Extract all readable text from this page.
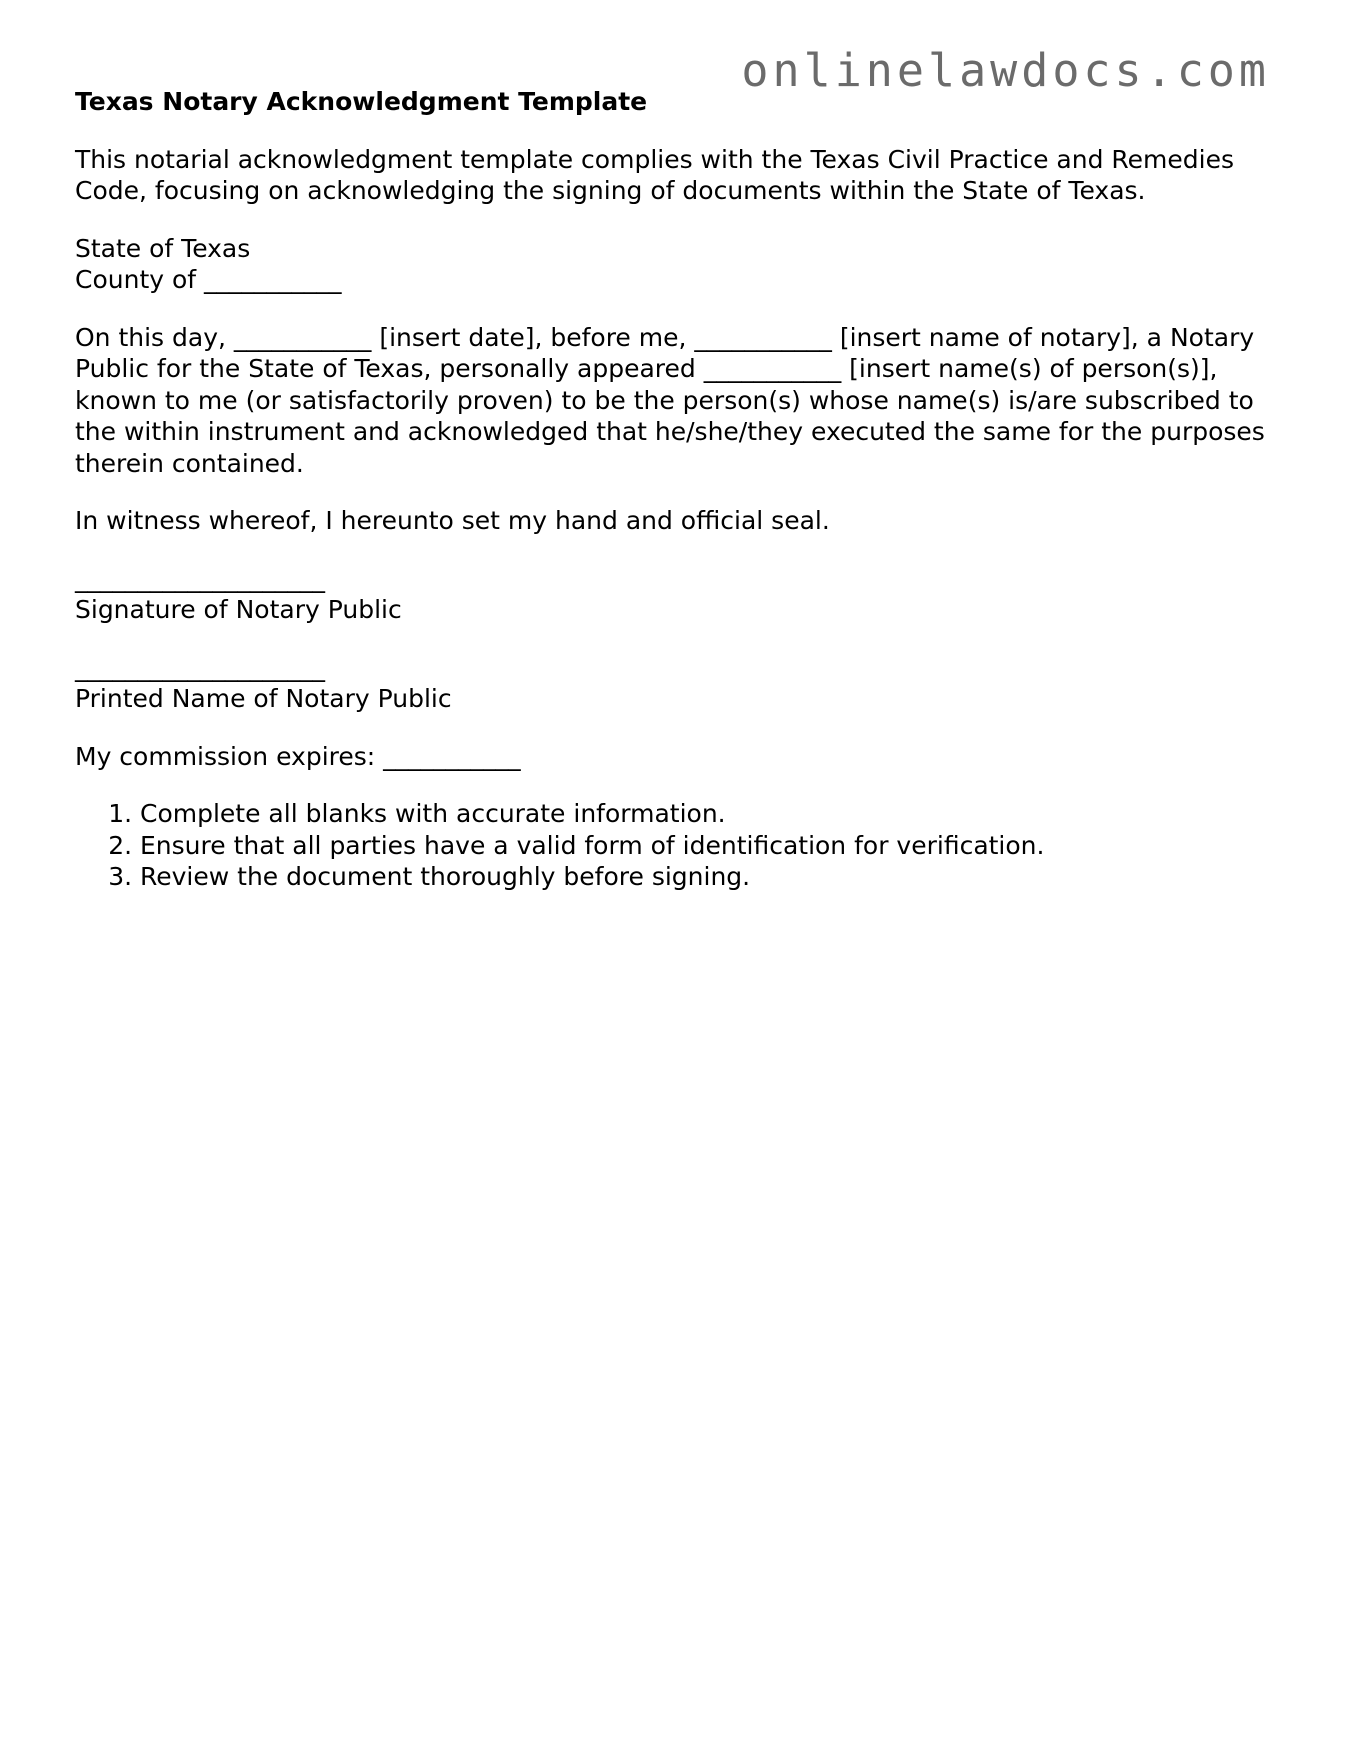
onlinelawdocs.com
Texas Notary Acknowledgment Template

This notarial acknowledgment template complies with the Texas Civil Practice and Remedies Code, focusing on acknowledging the signing of documents within the State of Texas.

State of Texas
County of ___________

On this day, ___________ [insert date], before me, ___________ [insert name of notary], a Notary Public for the State of Texas, personally appeared ___________ [insert name(s) of person(s)], known to me (or satisfactorily proven) to be the person(s) whose name(s) is/are subscribed to the within instrument and acknowledged that he/she/they executed the same for the purposes therein contained.

In witness whereof, I hereunto set my hand and official seal.

____________________
Signature of Notary Public
____________________
Printed Name of Notary Public

My commission expires: ___________

1. Complete all blanks with accurate information.
2. Ensure that all parties have a valid form of identification for verification.
3. Review the document thoroughly before signing.
